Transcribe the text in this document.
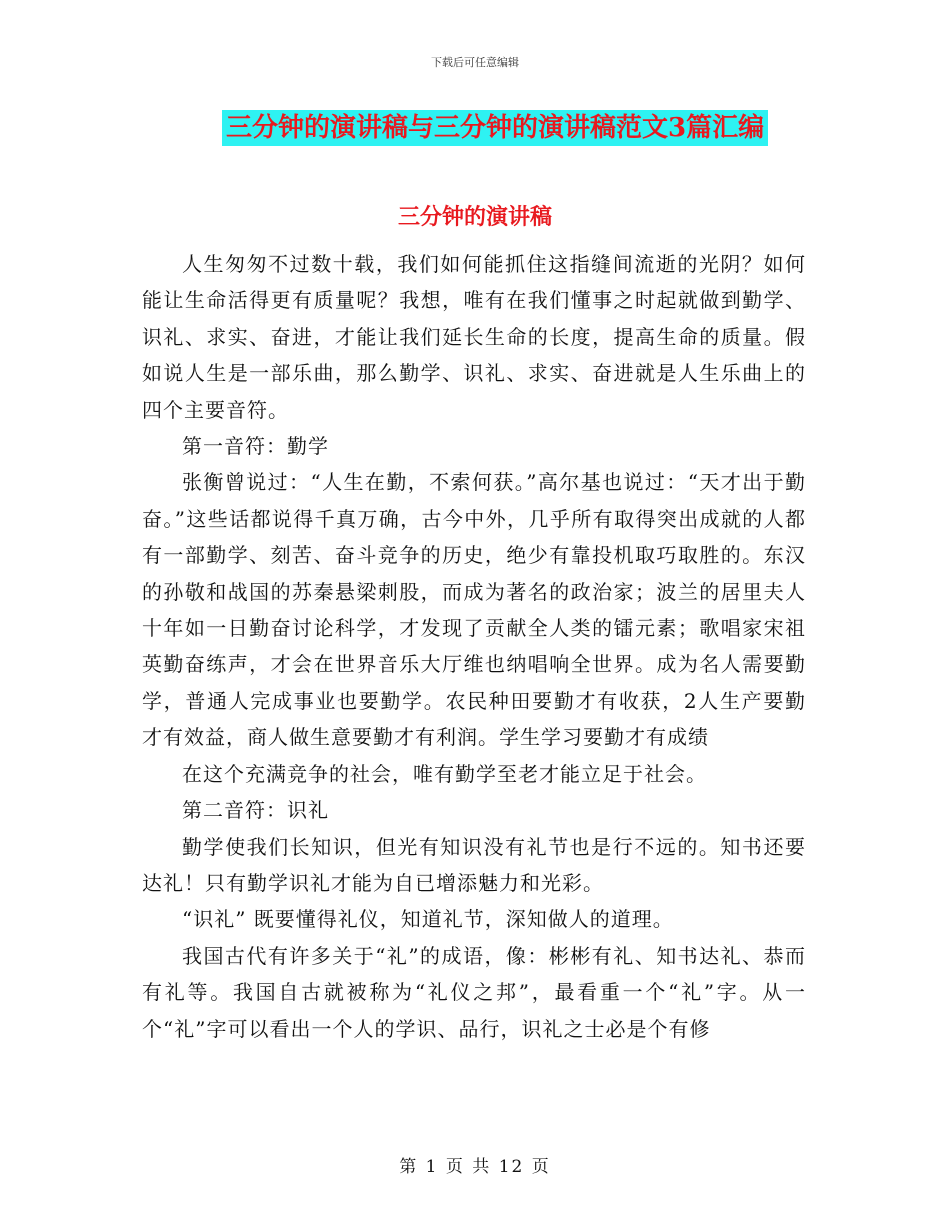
下载后可任意编辑
三分钟的演讲稿与三分钟的演讲稿范文3篇汇编
三分钟的演讲稿

人生匆匆不过数十载，我们如何能抓住这指缝间流逝的光阴？如何能让生命活得更有质量呢？我想，唯有在我们懂事之时起就做到勤学、识礼、求实、奋进，才能让我们延长生命的长度，提高生命的质量。假如说人生是一部乐曲，那么勤学、识礼、求实、奋进就是人生乐曲上的四个主要音符。

第一音符：勤学

张衡曾说过：“人生在勤，不索何获。”高尔基也说过：“天才出于勤奋。”这些话都说得千真万确，古今中外，几乎所有取得突出成就的人都有一部勤学、刻苦、奋斗竞争的历史，绝少有靠投机取巧取胜的。东汉的孙敬和战国的苏秦悬梁刺股，而成为著名的政治家；波兰的居里夫人十年如一日勤奋讨论科学，才发现了贡献全人类的镭元素；歌唱家宋祖英勤奋练声，才会在世界音乐大厅维也纳唱响全世界。成为名人需要勤学，普通人完成事业也要勤学。农民种田要勤才有收获，2人生产要勤才有效益，商人做生意要勤才有利润。学生学习要勤才有成绩

在这个充满竞争的社会，唯有勤学至老才能立足于社会。

第二音符：识礼

勤学使我们长知识，但光有知识没有礼节也是行不远的。知书还要达礼！只有勤学识礼才能为自已增添魅力和光彩。

“识礼” 既要懂得礼仪，知道礼节，深知做人的道理。

我国古代有许多关于“礼”的成语，像：彬彬有礼、知书达礼、恭而有礼等。我国自古就被称为“礼仪之邦”，最看重一个“礼”字。从一个“礼”字可以看出一个人的学识、品行，识礼之士必是个有修

第 1 页 共 12 页
